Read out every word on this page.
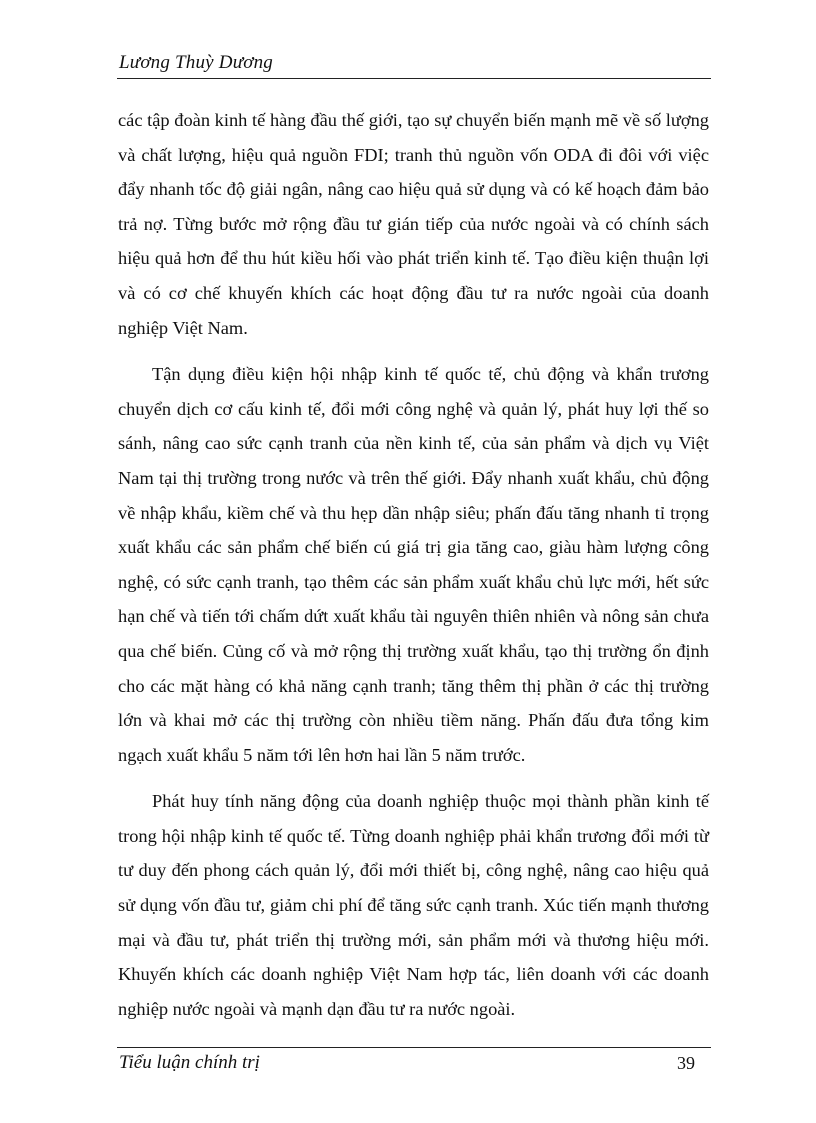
Lương Thuỳ Dương

các tập đoàn kinh tế hàng đầu thế giới, tạo sự chuyển biến mạnh mẽ về số lượng và chất lượng, hiệu quả nguồn FDI; tranh thủ nguồn vốn ODA đi đôi với việc đẩy nhanh tốc độ giải ngân, nâng cao hiệu quả sử dụng và có kế hoạch đảm bảo trả nợ. Từng bước mở rộng đầu tư gián tiếp của nước ngoài và có chính sách hiệu quả hơn để thu hút kiều hối vào phát triển kinh tế. Tạo điều kiện thuận lợi và có cơ chế khuyến khích các hoạt động đầu tư ra nước ngoài của doanh nghiệp Việt Nam.

Tận dụng điều kiện hội nhập kinh tế quốc tế, chủ động và khẩn trương chuyển dịch cơ cấu kinh tế, đổi mới công nghệ và quản lý, phát huy lợi thế so sánh, nâng cao sức cạnh tranh của nền kinh tế, của sản phẩm và dịch vụ Việt Nam tại thị trường trong nước và trên thế giới. Đẩy nhanh xuất khẩu, chủ động về nhập khẩu, kiềm chế và thu hẹp dần nhập siêu; phấn đấu tăng nhanh tỉ trọng xuất khẩu các sản phẩm chế biến cú giá trị gia tăng cao, giàu hàm lượng công nghệ, có sức cạnh tranh, tạo thêm các sản phẩm xuất khẩu chủ lực mới, hết sức hạn chế và tiến tới chấm dứt xuất khẩu tài nguyên thiên nhiên và nông sản chưa qua chế biến. Củng cố và mở rộng thị trường xuất khẩu, tạo thị trường ổn định cho các mặt hàng có khả năng cạnh tranh; tăng thêm thị phần ở các thị trường lớn và khai mở các thị trường còn nhiều tiềm năng. Phấn đấu đưa tổng kim ngạch xuất khẩu 5 năm tới lên hơn hai lần 5 năm trước.

Phát huy tính năng động của doanh nghiệp thuộc mọi thành phần kinh tế trong hội nhập kinh tế quốc tế. Từng doanh nghiệp phải khẩn trương đổi mới từ tư duy đến phong cách quản lý, đổi mới thiết bị, công nghệ, nâng cao hiệu quả sử dụng vốn đầu tư, giảm chi phí để tăng sức cạnh tranh. Xúc tiến mạnh thương mại và đầu tư, phát triển thị trường mới, sản phẩm mới và thương hiệu mới. Khuyến khích các doanh nghiệp Việt Nam hợp tác, liên doanh với các doanh nghiệp nước ngoài và mạnh dạn đầu tư ra nước ngoài.

Tiểu luận chính trị	39
